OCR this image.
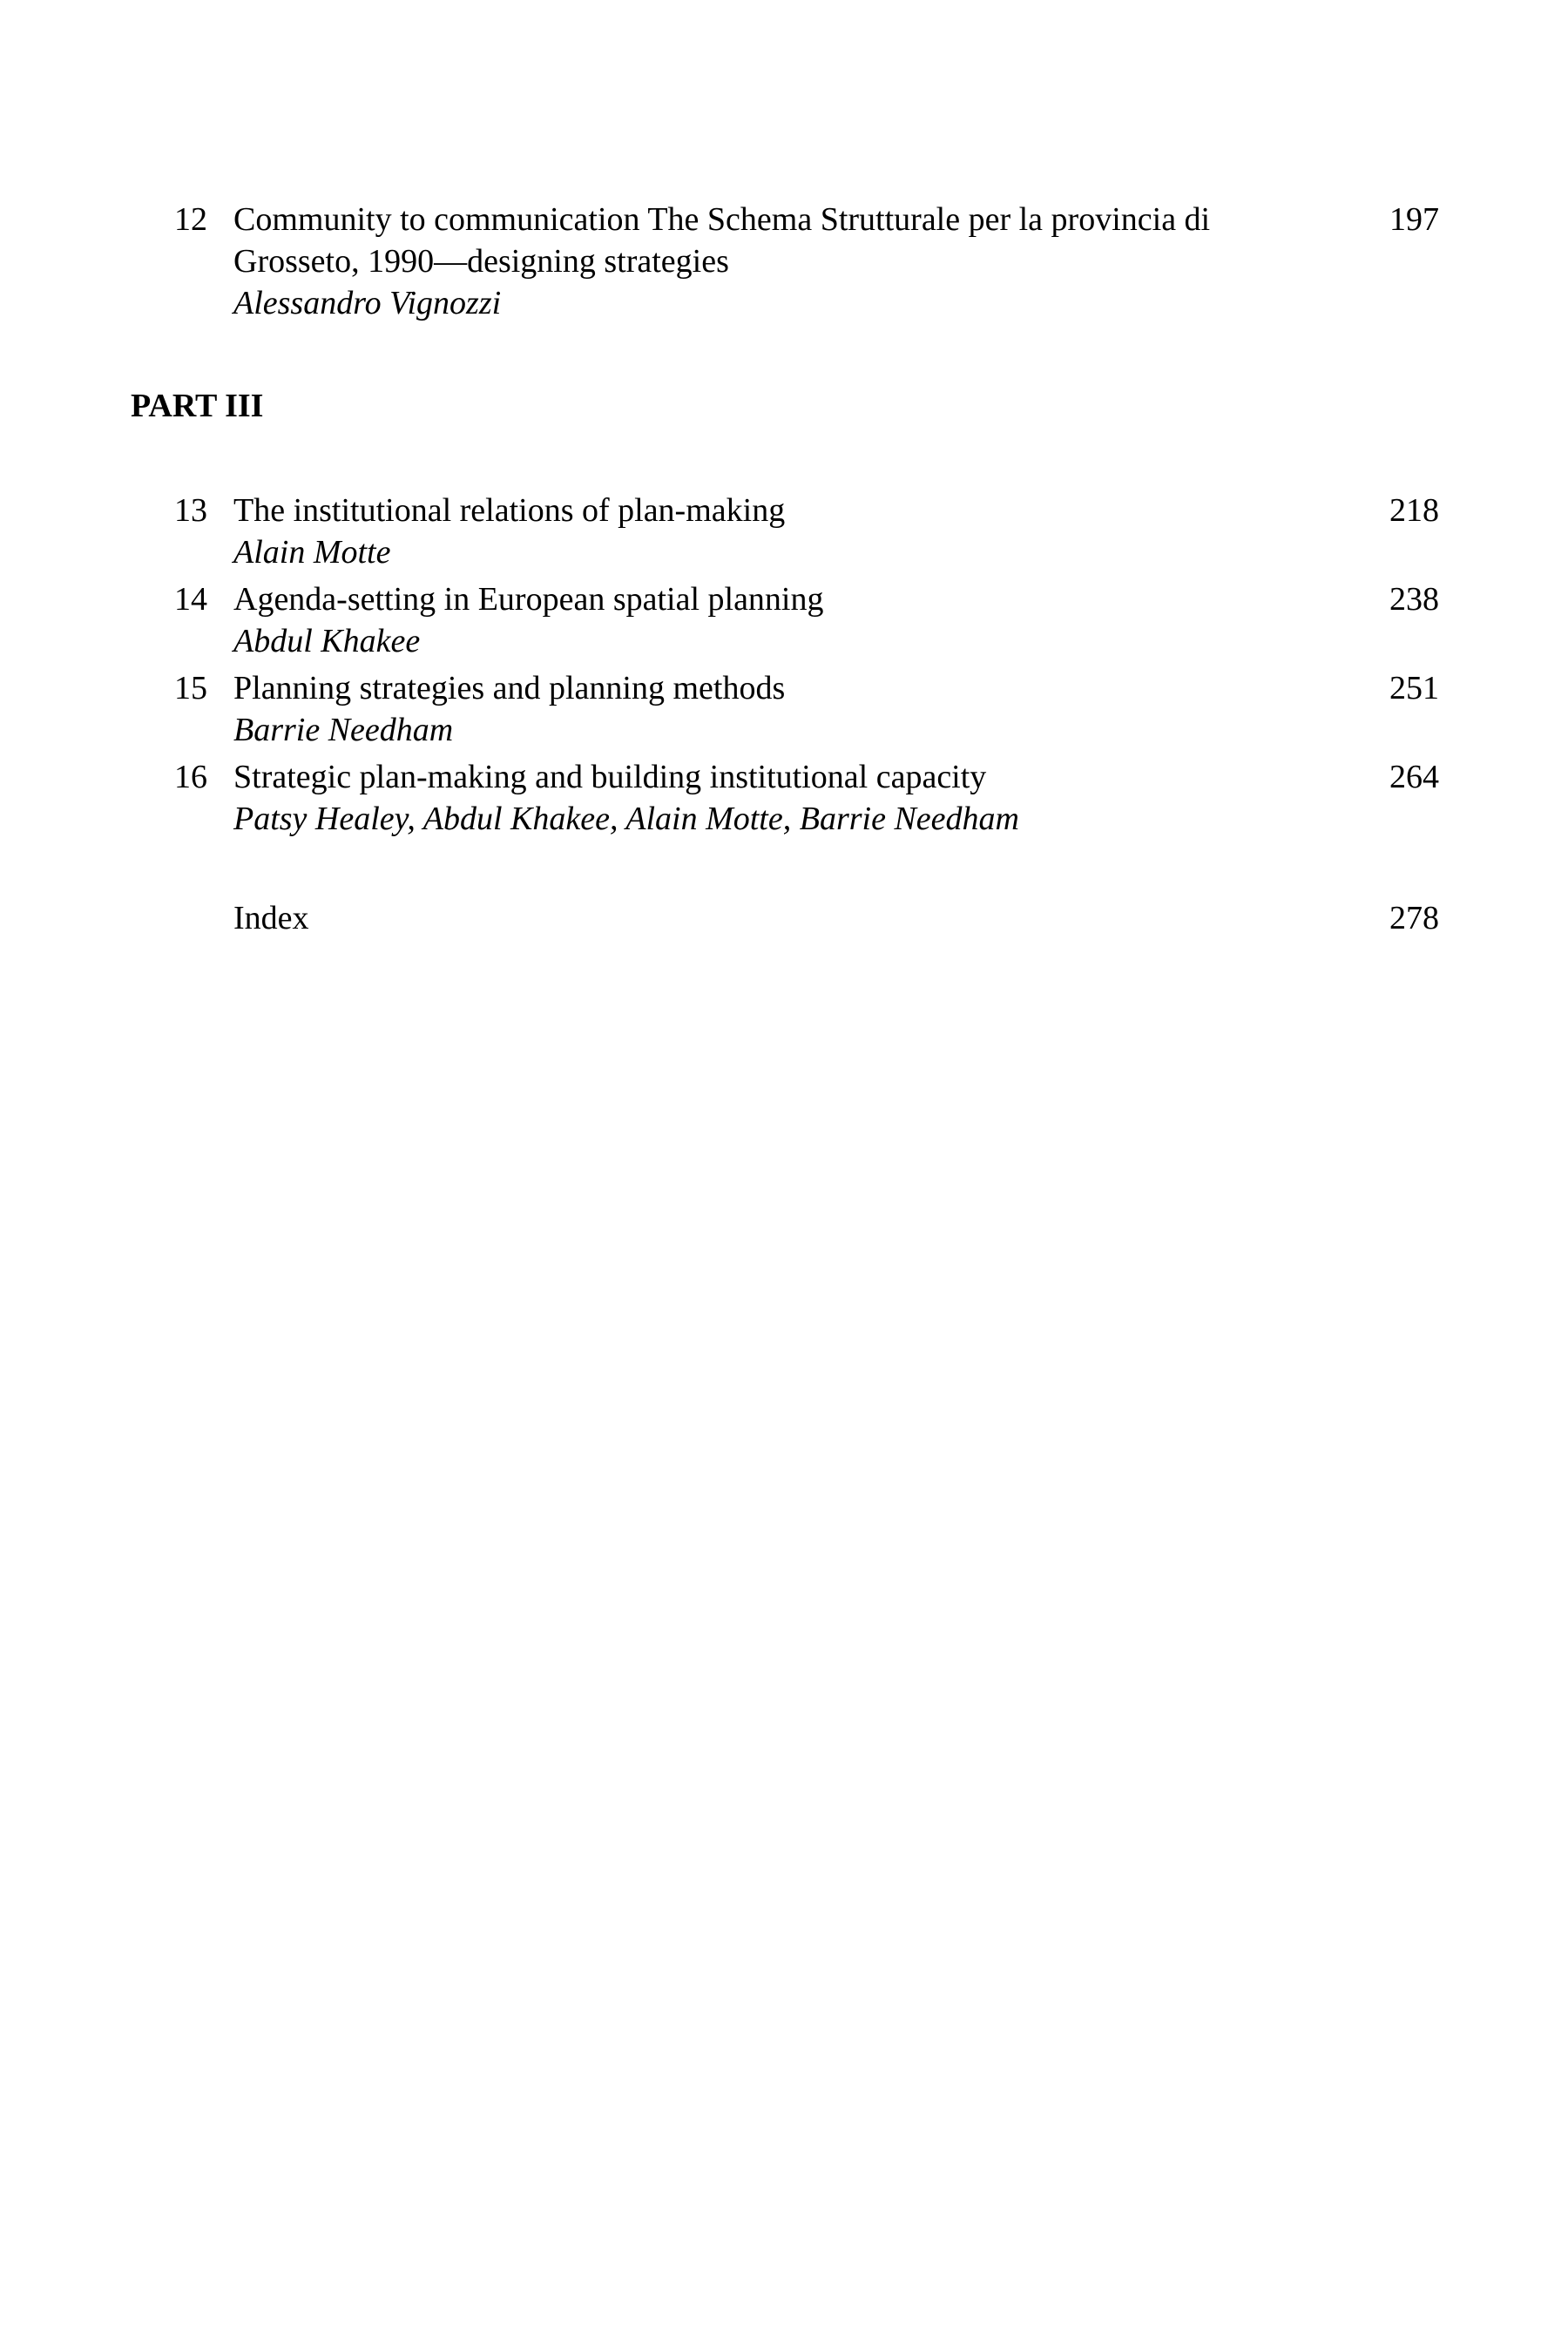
12 Community to communication The Schema Strutturale per la provincia di Grosseto, 1990—designing strategies
Alessandro Vignozzi
197
PART III
13 The institutional relations of plan-making
Alain Motte
218
14 Agenda-setting in European spatial planning
Abdul Khakee
238
15 Planning strategies and planning methods
Barrie Needham
251
16 Strategic plan-making and building institutional capacity
Patsy Healey, Abdul Khakee, Alain Motte, Barrie Needham
264
Index	278
